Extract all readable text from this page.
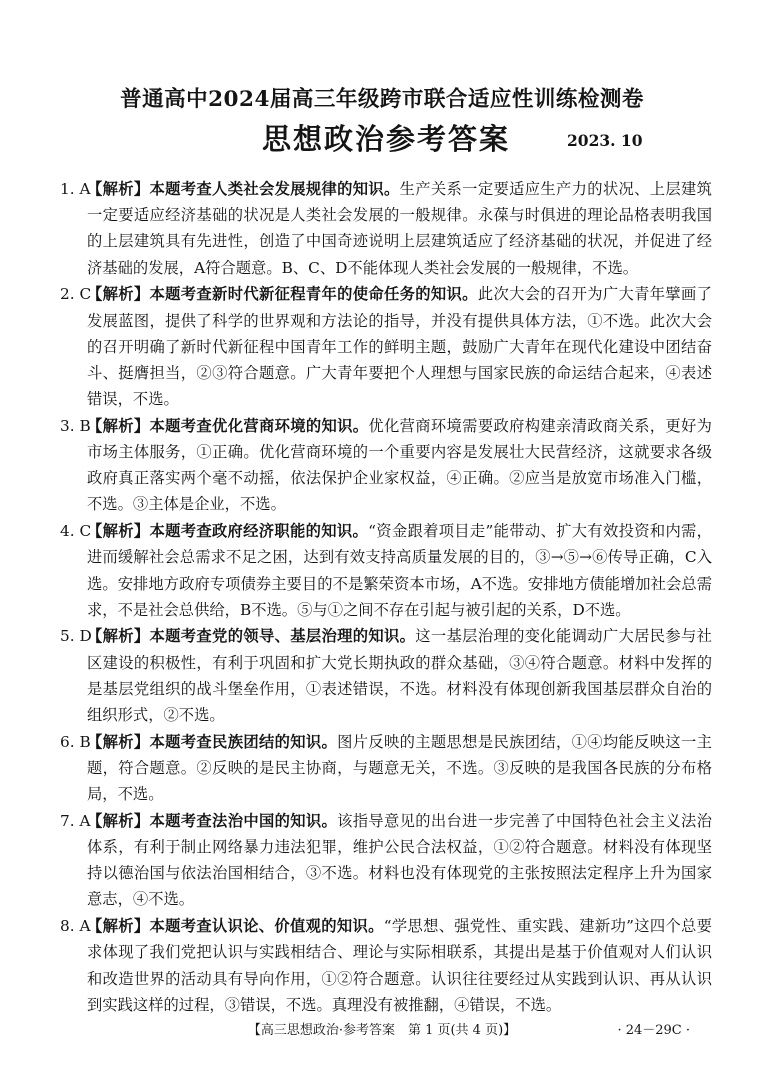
普通高中2024届高三年级跨市联合适应性训练检测卷
思想政治参考答案	2023. 10

1. A
【解析】本题考查人类社会发展规律的知识。生产关系一定要适应生产力的状况、上层建筑一定要适应经济基础的状况是人类社会发展的一般规律。永葆与时俱进的理论品格表明我国的上层建筑具有先进性，创造了中国奇迹说明上层建筑适应了经济基础的状况，并促进了经济基础的发展，A符合题意。B、C、D不能体现人类社会发展的一般规律，不选。

2. C
【解析】本题考查新时代新征程青年的使命任务的知识。此次大会的召开为广大青年擘画了发展蓝图，提供了科学的世界观和方法论的指导，并没有提供具体方法，①不选。此次大会的召开明确了新时代新征程中国青年工作的鲜明主题，鼓励广大青年在现代化建设中团结奋斗、挺膺担当，②③符合题意。广大青年要把个人理想与国家民族的命运结合起来，④表述错误，不选。

3. B
【解析】本题考查优化营商环境的知识。优化营商环境需要政府构建亲清政商关系，更好为市场主体服务，①正确。优化营商环境的一个重要内容是发展壮大民营经济，这就要求各级政府真正落实两个毫不动摇，依法保护企业家权益，④正确。②应当是放宽市场准入门槛，不选。③主体是企业，不选。

4. C
【解析】本题考查政府经济职能的知识。“资金跟着项目走”能带动、扩大有效投资和内需，进而缓解社会总需求不足之困，达到有效支持高质量发展的目的，③→⑤→⑥传导正确，C入选。安排地方政府专项债券主要目的不是繁荣资本市场，A不选。安排地方债能增加社会总需求，不是社会总供给，B不选。⑤与①之间不存在引起与被引起的关系，D不选。

5. D
【解析】本题考查党的领导、基层治理的知识。这一基层治理的变化能调动广大居民参与社区建设的积极性，有利于巩固和扩大党长期执政的群众基础，③④符合题意。材料中发挥的是基层党组织的战斗堡垒作用，①表述错误，不选。材料没有体现创新我国基层群众自治的组织形式，②不选。

6. B
【解析】本题考查民族团结的知识。图片反映的主题思想是民族团结，①④均能反映这一主题，符合题意。②反映的是民主协商，与题意无关，不选。③反映的是我国各民族的分布格局，不选。

7. A
【解析】本题考查法治中国的知识。该指导意见的出台进一步完善了中国特色社会主义法治体系，有利于制止网络暴力违法犯罪，维护公民合法权益，①②符合题意。材料没有体现坚持以德治国与依法治国相结合，③不选。材料也没有体现党的主张按照法定程序上升为国家意志，④不选。

8. A
【解析】本题考查认识论、价值观的知识。“学思想、强党性、重实践、建新功”这四个总要求体现了我们党把认识与实践相结合、理论与实际相联系，其提出是基于价值观对人们认识和改造世界的活动具有导向作用，①②符合题意。认识往往要经过从实践到认识、再从认识到实践这样的过程，③错误，不选。真理没有被推翻，④错误，不选。

【高三思想政治·参考答案　第 1 页(共 4 页)】	· 24－29C ·
